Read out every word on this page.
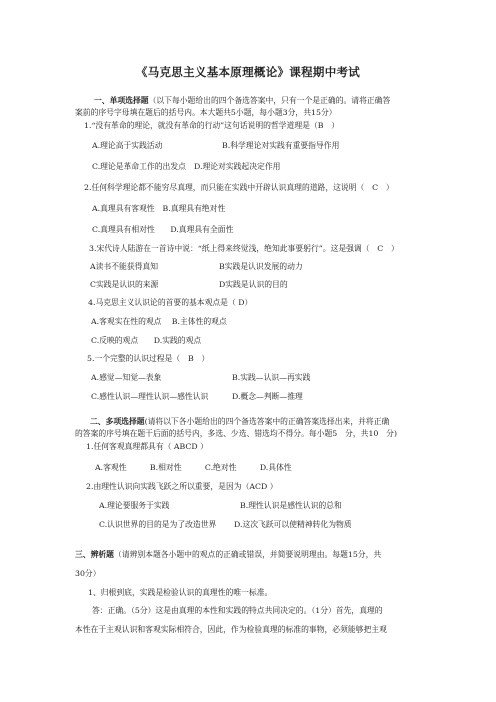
《马克思主义基本原理概论》课程期中考试
一、单项选择题（以下每小题给出的四个备选答案中，只有一个是正确的。请将正确答
案前的序号字母填在题后的括号内。本大题共5小题，每小题3分，共15分）
1.“没有革命的理论，就没有革命的行动”这句话说明的哲学道理是（B　）
A.理论高于实践活动	B.科学理论对实践有重要指导作用
C.理论是革命工作的出发点 D.理论对实践起决定作用
2.任何科学理论都不能穷尽真理，而只能在实践中开辟认识真理的道路，这说明（　C　）
A.真理具有客观性　B.真理具有绝对性
C.真理具有相对性　　D.真理具有全面性
3.宋代诗人陆游在一首诗中说：“纸上得来终觉浅，绝知此事要躬行”。这是强调（　C　）
A读书不能获得真知	B实践是认识发展的动力
C实践是认识的来源	D实践是认识的目的
4.马克思主义认识论的首要的基本观点是（ D）
A.客观实在性的观点　 B.主体性的观点
C.反映的观点　　D.实践的观点
5.一个完整的认识过程是（　B　）
A.感觉—知觉—表象	B.实践—认识—再实践
C.感性认识—理性认识—感性认识	D.概念—判断—推理
二、多项选择题(请将以下各小题给出的四个备选答案中的正确答案选择出来，并将正确
的答案的序号填在题干后面的括号内，多选、少选、错选均不得分。每小题5　分，共10　分)
1.任何客观真理都具有（ ABCD ）
A.客观性　　　B.相对性　　　C.绝对性　　　D.具体性
2.由理性认识向实践飞跃之所以重要，是因为（ACD ）
A.理论要服务于实践	B.理性认识是感性认识的总和
C.认识世界的目的是为了改造世界 D.这次飞跃可以使精神转化为物质
三、辨析题（请辨别本题各小题中的观点的正确或错误，并简要说明理由。每题15分，共
30分）
1、归根到底，实践是检验认识的真理性的唯一标准。
答：正确。（5分）这是由真理的本性和实践的特点共同决定的。（1分）首先，真理的
本性在于主观认识和客观实际相符合，因此，作为检验真理的标准的事物，必须能够把主观
